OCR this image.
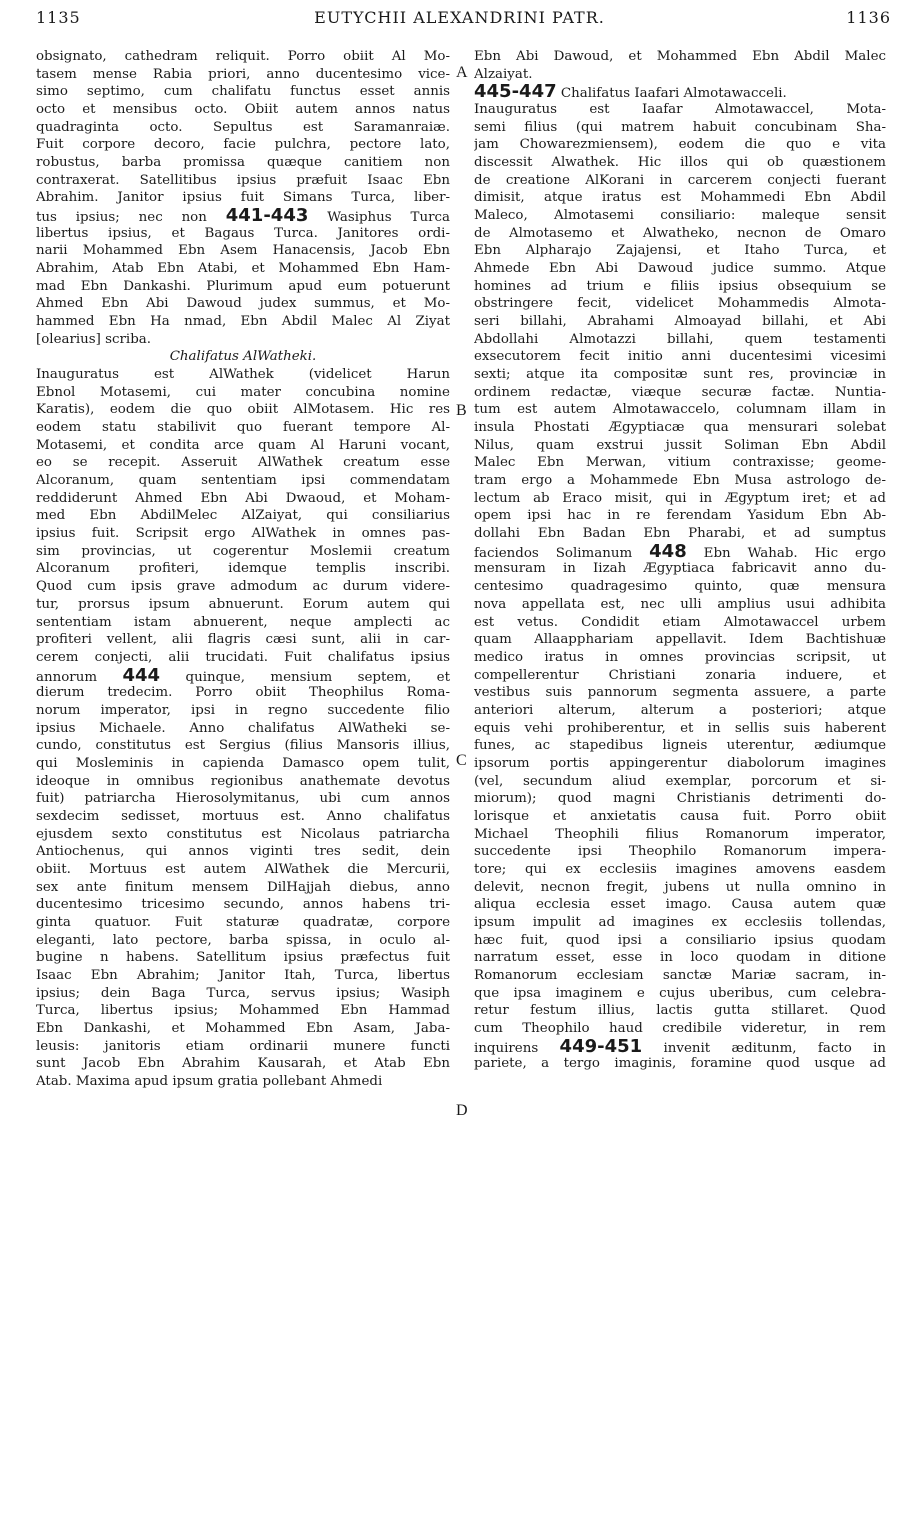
1135	EUTYCHII ALEXANDRINI PATR.	1136
obsignato, cathedram reliquit. Porro obiit Al Mo-
tasem mense Rabia priori, anno ducentesimo vice-
simo septimo, cum chalifatu functus esset annis
octo et mensibus octo. Obiit autem annos natus
quadraginta octo. Sepultus est Saramanraiæ.
Fuit corpore decoro, facie pulchra, pectore lato,
robustus, barba promissa quæque canitiem non
contraxerat. Satellitibus ipsius præfuit Isaac Ebn
Abrahim. Janitor ipsius fuit Simans Turca, liber-
tus ipsius; nec non 441-443 Wasiphus Turca
libertus ipsius, et Bagaus Turca. Janitores ordi-
narii Mohammed Ebn Asem Hanacensis, Jacob Ebn
Abrahim, Atab Ebn Atabi, et Mohammed Ebn Ham-
mad Ebn Dankashi. Plurimum apud eum potuerunt
Ahmed Ebn Abi Dawoud judex summus, et Mo-
hammed Ebn Ha nmad, Ebn Abdil Malec Al Ziyat
[olearius] scriba.
Chalifatus AlWatheki.
Inauguratus est AlWathek (videlicet Harun
Ebnol Motasemi, cui mater concubina nomine
Karatis), eodem die quo obiit AlMotasem. Hic res
eodem statu stabilivit quo fuerant tempore Al-
Motasemi, et condita arce quam Al Haruni vocant,
eo se recepit. Asseruit AlWathek creatum esse
Alcoranum, quam sententiam ipsi commendatam
reddiderunt Ahmed Ebn Abi Dwaoud, et Moham-
med Ebn AbdilMelec AlZaiyat, qui consiliarius
ipsius fuit. Scripsit ergo AlWathek in omnes pas-
sim provincias, ut cogerentur Moslemii creatum
Alcoranum profiteri, idemque templis inscribi.
Quod cum ipsis grave admodum ac durum videre-
tur, prorsus ipsum abnuerunt. Eorum autem qui
sententiam istam abnuerent, neque amplecti ac
profiteri vellent, alii flagris cæsi sunt, alii in car-
cerem conjecti, alii trucidati. Fuit chalifatus ipsius
annorum 444 quinque, mensium septem, et
dierum tredecim. Porro obiit Theophilus Roma-
norum imperator, ipsi in regno succedente filio
ipsius Michaele. Anno chalifatus AlWatheki se-
cundo, constitutus est Sergius (filius Mansoris illius,
qui Mosleminis in capienda Damasco opem tulit,
ideoque in omnibus regionibus anathemate devotus
fuit) patriarcha Hierosolymitanus, ubi cum annos
sexdecim sedisset, mortuus est. Anno chalifatus
ejusdem sexto constitutus est Nicolaus patriarcha
Antiochenus, qui annos viginti tres sedit, dein
obiit. Mortuus est autem AlWathek die Mercurii,
sex ante finitum mensem DilHajjah diebus, anno
ducentesimo tricesimo secundo, annos habens tri-
ginta quatuor. Fuit staturæ quadratæ, corpore
eleganti, lato pectore, barba spissa, in oculo al-
bugine n habens. Satellitum ipsius præfectus fuit
Isaac Ebn Abrahim; Janitor Itah, Turca, libertus
ipsius; dein Baga Turca, servus ipsius; Wasiph
Turca, libertus ipsius; Mohammed Ebn Hammad
Ebn Dankashi, et Mohammed Ebn Asam, Jaba-
leusis: janitoris etiam ordinarii munere functi
sunt Jacob Ebn Abrahim Kausarah, et Atab Ebn
Atab. Maxima apud ipsum gratia pollebant Ahmedi
Ebn Abi Dawoud, et Mohammed Ebn Abdil Malec
Alzaiyat.
445-447 Chalifatus Iaafari Almotawacceli.
Inauguratus est Iaafar Almotawaccel, Mota-
semi filius (qui matrem habuit concubinam Sha-
jam Chowarezmiensem), eodem die quo e vita
discessit Alwathek. Hic illos qui ob quæstionem
de creatione AlKorani in carcerem conjecti fuerant
dimisit, atque iratus est Mohammedi Ebn Abdil
Maleco, Almotasemi consiliario: maleque sensit
de Almotasemo et Alwatheko, necnon de Omaro
Ebn Alpharajo Zajajensi, et Itaho Turca, et
Ahmede Ebn Abi Dawoud judice summo. Atque
homines ad trium e filiis ipsius obsequium se
obstringere fecit, videlicet Mohammedis Almota-
seri billahi, Abrahami Almoayad billahi, et Abi
Abdollahi Almotazzi billahi, quem testamenti
exsecutorem fecit initio anni ducentesimi vicesimi
sexti; atque ita compositæ sunt res, provinciæ in
ordinem redactæ, viæque securæ factæ. Nuntia-
tum est autem Almotawaccelo, columnam illam in
insula Phostati Ægyptiacæ qua mensurari solebat
Nilus, quam exstrui jussit Soliman Ebn Abdil
Malec Ebn Merwan, vitium contraxisse; geome-
tram ergo a Mohammede Ebn Musa astrologo de-
lectum ab Eraco misit, qui in Ægyptum iret; et ad
opem ipsi hac in re ferendam Yasidum Ebn Ab-
dollahi Ebn Badan Ebn Pharabi, et ad sumptus
faciendos Solimanum 448 Ebn Wahab. Hic ergo
mensuram in Iizah Ægyptiaca fabricavit anno du-
centesimo quadragesimo quinto, quæ mensura
nova appellata est, nec ulli amplius usui adhibita
est vetus. Condidit etiam Almotawaccel urbem
quam Allaapphariam appellavit. Idem Bachtishuæ
medico iratus in omnes provincias scripsit, ut
compellerentur Christiani zonaria induere, et
vestibus suis pannorum segmenta assuere, a parte
anteriori alterum, alterum a posteriori; atque
equis vehi prohiberentur, et in sellis suis haberent
funes, ac stapedibus ligneis uterentur, ædiumque
ipsorum portis appingerentur diabolorum imagines
(vel, secundum aliud exemplar, porcorum et si-
miorum); quod magni Christianis detrimenti do-
lorisque et anxietatis causa fuit. Porro obiit
Michael Theophili filius Romanorum imperator,
succedente ipsi Theophilo Romanorum impera-
tore; qui ex ecclesiis imagines amovens easdem
delevit, necnon fregit, jubens ut nulla omnino in
aliqua ecclesia esset imago. Causa autem quæ
ipsum impulit ad imagines ex ecclesiis tollendas,
hæc fuit, quod ipsi a consiliario ipsius quodam
narratum esset, esse in loco quodam in ditione
Romanorum ecclesiam sanctæ Mariæ sacram, in-
que ipsa imaginem e cujus uberibus, cum celebra-
retur festum illius, lactis gutta stillaret. Quod
cum Theophilo haud credibile videretur, in rem
inquirens 449-451 invenit æditunm, facto in
pariete, a tergo imaginis, foramine quod usque ad
A
B
C
D
